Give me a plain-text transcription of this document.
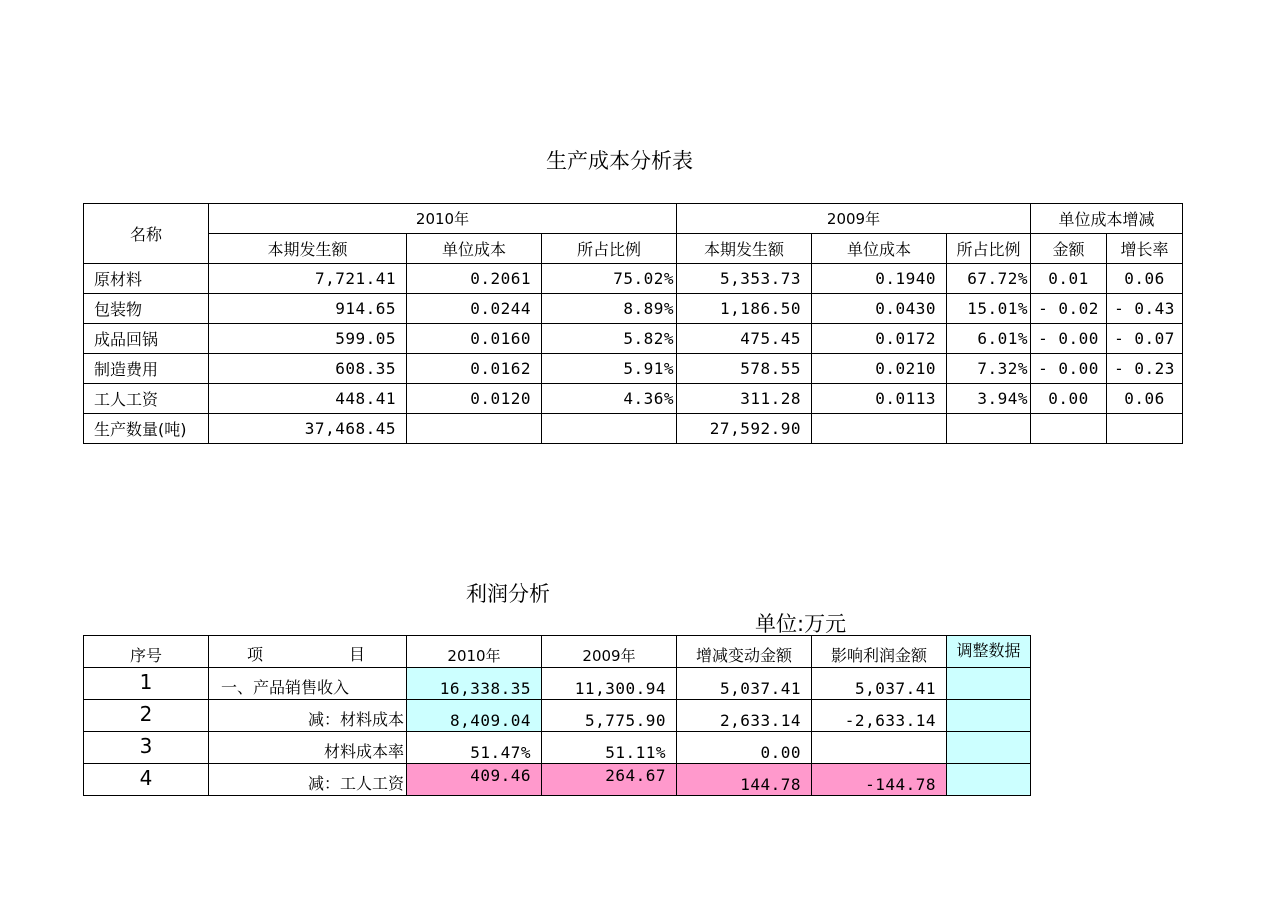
生产成本分析表
名称	2010年			2009年			单位成本增减	
	本期发生额	单位成本	所占比例	本期发生额	单位成本	所占比例	金额	增长率
原材料	7,721.41	0.2061	75.02%	5,353.73	0.1940	67.72%	0.01	0.06
包装物	914.65	0.0244	8.89%	1,186.50	0.0430	15.01%	- 0.02	- 0.43
成品回锅	599.05	0.0160	5.82%	475.45	0.0172	6.01%	- 0.00	- 0.07
制造费用	608.35	0.0162	5.91%	578.55	0.0210	7.32%	- 0.00	- 0.23
工人工资	448.41	0.0120	4.36%	311.28	0.0113	3.94%	0.00	0.06
生产数量(吨)	37,468.45			27,592.90				
利润分析
单位:万元
序号	项 目	2010年	2009年	增减变动金额	影响利润金额	调整数据
1	一、产品销售收入	16,338.35	11,300.94	5,037.41	5,037.41	
2	减：材料成本	8,409.04	5,775.90	2,633.14	-2,633.14	
3	材料成本率	51.47%	51.11%	0.00		
4	减：工人工资	409.46	264.67	144.78	-144.78	
